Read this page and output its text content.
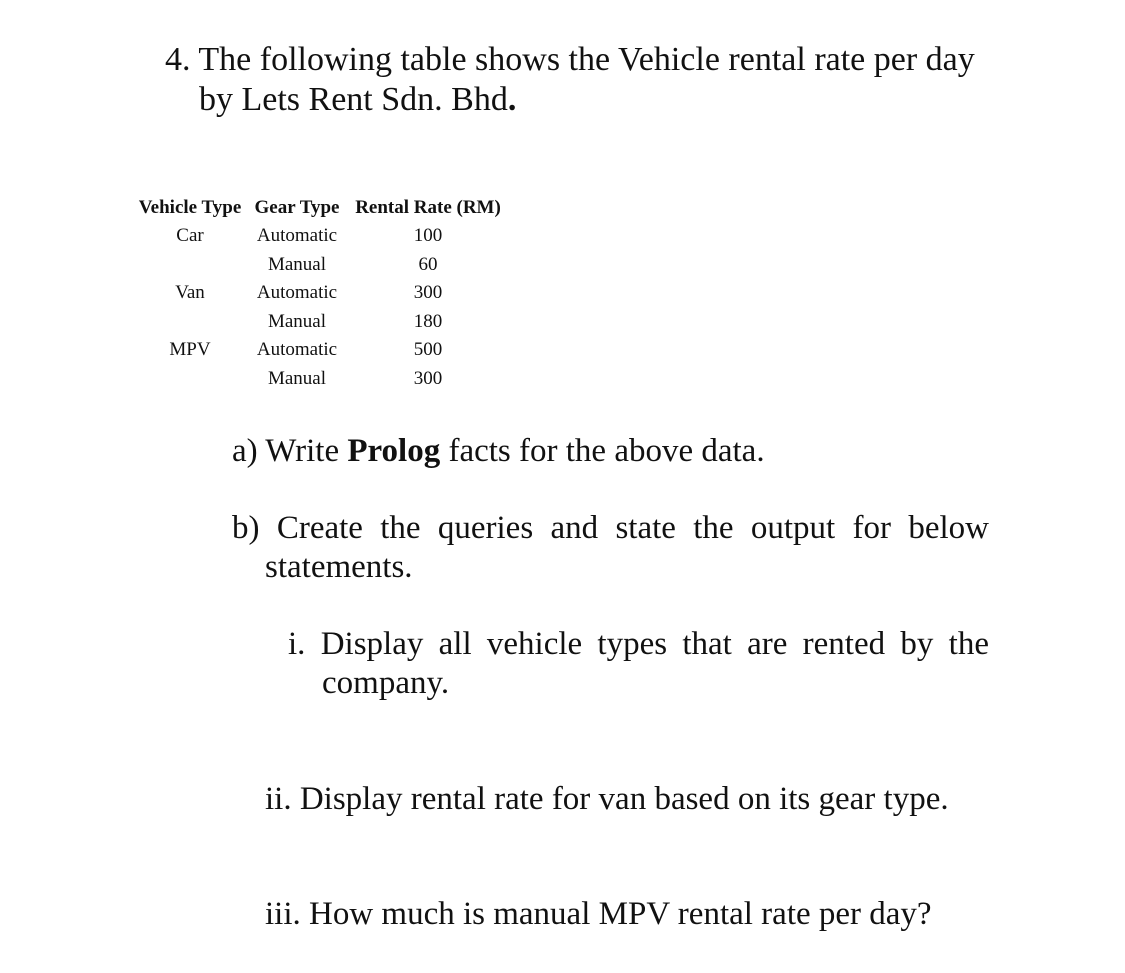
4. The following table shows the Vehicle rental rate per day
by Lets Rent Sdn. Bhd.
Vehicle Type	Gear Type	Rental Rate (RM)
Car	Automatic	100
	Manual	60
Van	Automatic	300
	Manual	180
MPV	Automatic	500
	Manual	300
a) Write Prolog facts for the above data.
b) Create the queries and state the output for below
statements.
i. Display all vehicle types that are rented by the
company.
ii. Display rental rate for van based on its gear type.
iii. How much is manual MPV rental rate per day?
